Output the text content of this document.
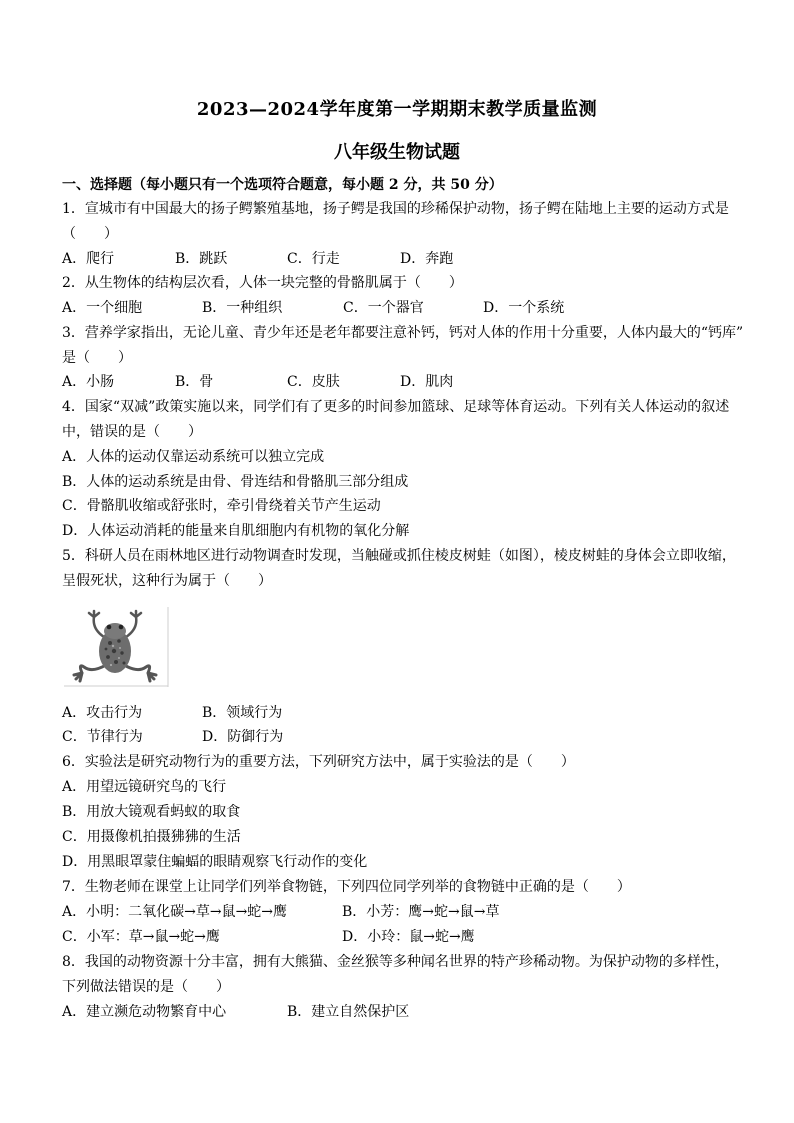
2023—2024学年度第一学期期末教学质量监测
八年级生物试题
一、选择题（每小题只有一个选项符合题意，每小题 2 分，共 50 分）
1．宣城市有中国最大的扬子鳄繁殖基地，扬子鳄是我国的珍稀保护动物，扬子鳄在陆地上主要的运动方式是
（　　）
A．爬行	B．跳跃	C．行走	D．奔跑
2．从生物体的结构层次看，人体一块完整的骨骼肌属于（　　）
A．一个细胞	B．一种组织	C．一个器官	D．一个系统
3．营养学家指出，无论儿童、青少年还是老年都要注意补钙，钙对人体的作用十分重要，人体内最大的“钙库”
是（　　）
A．小肠	B．骨	C．皮肤	D．肌肉
4．国家“双减”政策实施以来，同学们有了更多的时间参加篮球、足球等体育运动。下列有关人体运动的叙述
中，错误的是（　　）
A．人体的运动仅靠运动系统可以独立完成
B．人体的运动系统是由骨、骨连结和骨骼肌三部分组成
C．骨骼肌收缩或舒张时，牵引骨绕着关节产生运动
D．人体运动消耗的能量来自肌细胞内有机物的氧化分解
5．科研人员在雨林地区进行动物调查时发现，当触碰或抓住棱皮树蛙（如图），棱皮树蛙的身体会立即收缩，
呈假死状，这种行为属于（　　）
A．攻击行为	B．领域行为
C．节律行为	D．防御行为
6．实验法是研究动物行为的重要方法，下列研究方法中，属于实验法的是（　　）
A．用望远镜研究鸟的飞行
B．用放大镜观看蚂蚁的取食
C．用摄像机拍摄狒狒的生活
D．用黑眼罩蒙住蝙蝠的眼睛观察飞行动作的变化
7．生物老师在课堂上让同学们列举食物链，下列四位同学列举的食物链中正确的是（　　）
A．小明：二氧化碳→草→鼠→蛇→鹰	B．小芳：鹰→蛇→鼠→草
C．小军：草→鼠→蛇→鹰	D．小玲：鼠→蛇→鹰
8．我国的动物资源十分丰富，拥有大熊猫、金丝猴等多种闻名世界的特产珍稀动物。为保护动物的多样性，
下列做法错误的是（　　）
A．建立濒危动物繁育中心	B．建立自然保护区
